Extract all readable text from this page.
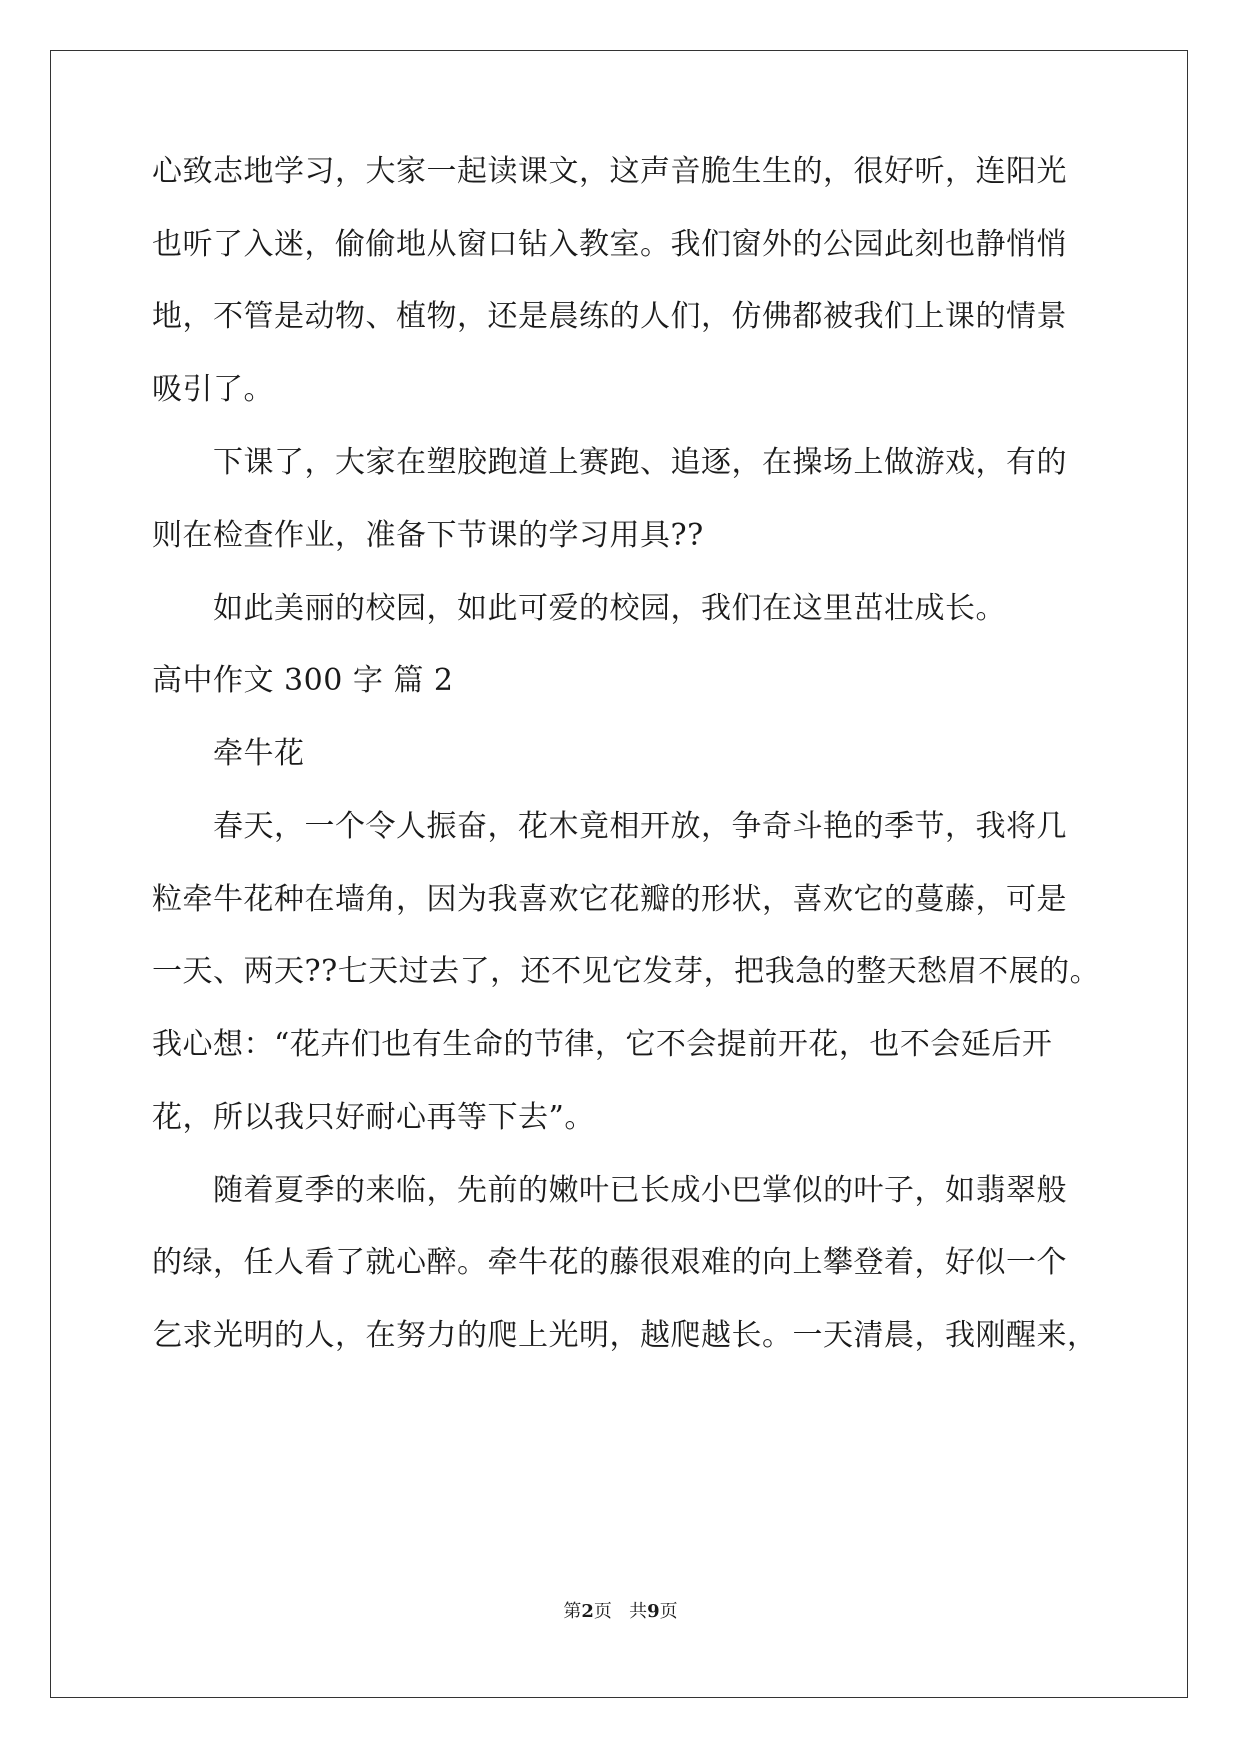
心致志地学习，大家一起读课文，这声音脆生生的，很好听，连阳光
也听了入迷，偷偷地从窗口钻入教室。我们窗外的公园此刻也静悄悄
地，不管是动物、植物，还是晨练的人们，仿佛都被我们上课的情景
吸引了。
下课了，大家在塑胶跑道上赛跑、追逐，在操场上做游戏，有的
则在检查作业，准备下节课的学习用具??
如此美丽的校园，如此可爱的校园，我们在这里茁壮成长。
高中作文 300 字 篇 2
牵牛花
春天，一个令人振奋，花木竟相开放，争奇斗艳的季节，我将几
粒牵牛花种在墙角，因为我喜欢它花瓣的形状，喜欢它的蔓藤，可是
一天、两天??七天过去了，还不见它发芽，把我急的整天愁眉不展的。
我心想：“花卉们也有生命的节律，它不会提前开花，也不会延后开
花，所以我只好耐心再等下去”。
随着夏季的来临，先前的嫩叶已长成小巴掌似的叶子，如翡翠般
的绿，任人看了就心醉。牵牛花的藤很艰难的向上攀登着，好似一个
乞求光明的人，在努力的爬上光明，越爬越长。一天清晨，我刚醒来，
第2页 共9页
